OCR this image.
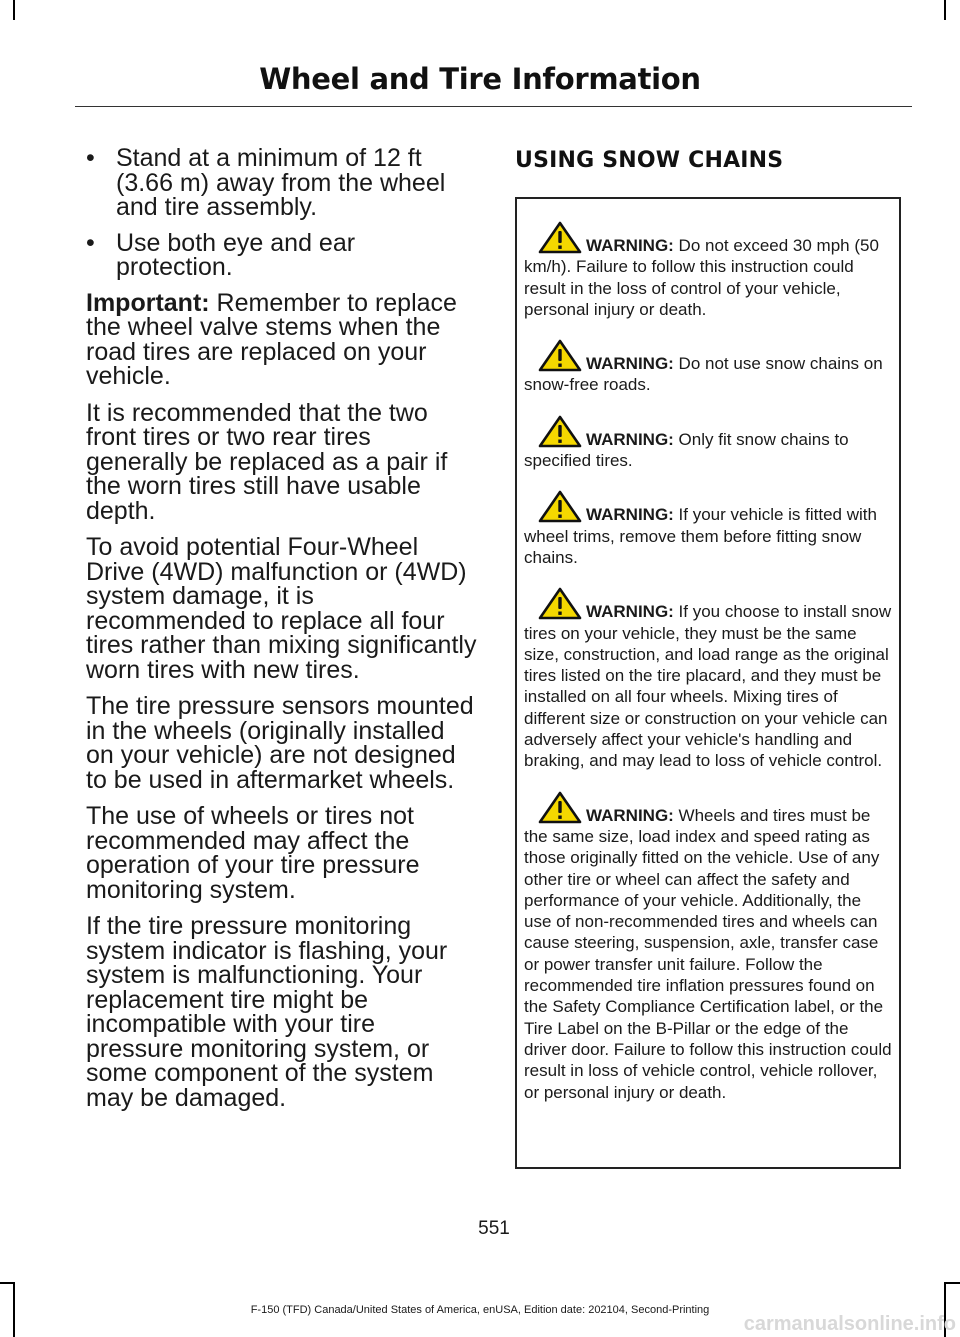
Wheel and Tire Information
• Stand at a minimum of 12 ft (3.66 m) away from the wheel and tire assembly.
• Use both eye and ear protection.

Important: Remember to replace the wheel valve stems when the road tires are replaced on your vehicle.

It is recommended that the two front tires or two rear tires generally be replaced as a pair if the worn tires still have usable depth.

To avoid potential Four-Wheel Drive (4WD) malfunction or (4WD) system damage, it is recommended to replace all four tires rather than mixing significantly worn tires with new tires.

The tire pressure sensors mounted in the wheels (originally installed on your vehicle) are not designed to be used in aftermarket wheels.

The use of wheels or tires not recommended may affect the operation of your tire pressure monitoring system.

If the tire pressure monitoring system indicator is flashing, your system is malfunctioning. Your replacement tire might be incompatible with your tire pressure monitoring system, or some component of the system may be damaged.

USING SNOW CHAINS

WARNING: Do not exceed 30 mph (50 km/h). Failure to follow this instruction could result in the loss of control of your vehicle, personal injury or death.

WARNING: Do not use snow chains on snow-free roads.

WARNING: Only fit snow chains to specified tires.

WARNING: If your vehicle is fitted with wheel trims, remove them before fitting snow chains.

WARNING: If you choose to install snow tires on your vehicle, they must be the same size, construction, and load range as the original tires listed on the tire placard, and they must be installed on all four wheels. Mixing tires of different size or construction on your vehicle can adversely affect your vehicle's handling and braking, and may lead to loss of vehicle control.

WARNING: Wheels and tires must be the same size, load index and speed rating as those originally fitted on the vehicle. Use of any other tire or wheel can affect the safety and performance of your vehicle. Additionally, the use of non-recommended tires and wheels can cause steering, suspension, axle, transfer case or power transfer unit failure. Follow the recommended tire inflation pressures found on the Safety Compliance Certification label, or the Tire Label on the B-Pillar or the edge of the driver door. Failure to follow this instruction could result in loss of vehicle control, vehicle rollover, or personal injury or death.

551
F-150 (TFD) Canada/United States of America, enUSA, Edition date: 202104, Second-Printing
carmanualsonline.info
